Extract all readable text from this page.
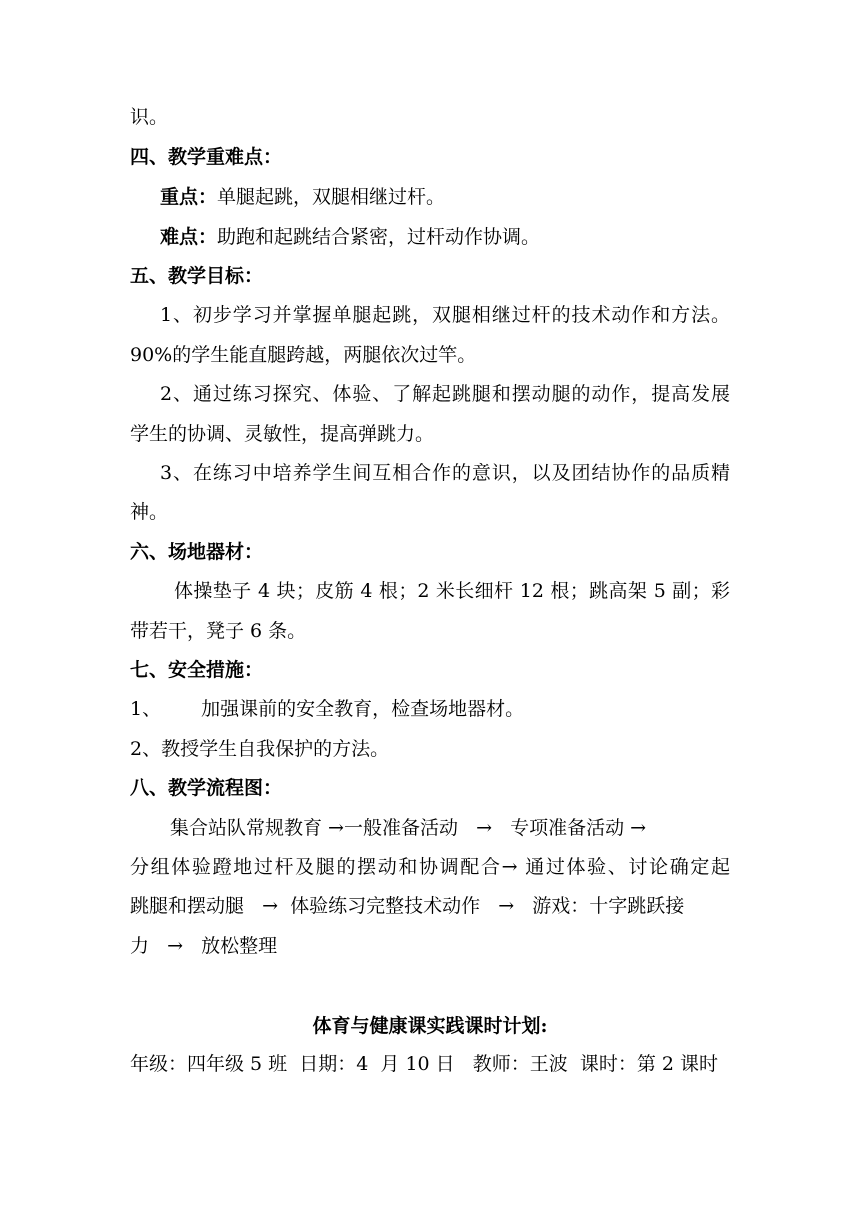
识。
四、教学重难点：
重点：单腿起跳，双腿相继过杆。
难点：助跑和起跳结合紧密，过杆动作协调。
五、教学目标：
1、初步学习并掌握单腿起跳，双腿相继过杆的技术动作和方法。
90%的学生能直腿跨越，两腿依次过竿。
2、通过练习探究、体验、了解起跳腿和摆动腿的动作，提高发展
学生的协调、灵敏性，提高弹跳力。
3、在练习中培养学生间互相合作的意识，以及团结协作的品质精
神。
六、场地器材：
体操垫子 4 块；皮筋 4 根；2 米长细杆 12 根；跳高架 5 副；彩
带若干，凳子 6 条。
七、安全措施：
1、 加强课前的安全教育，检查场地器材。
2、教授学生自我保护的方法。
八、教学流程图：
集合站队常规教育 →一般准备活动   →   专项准备活动 →
分组体验蹬地过杆及腿的摆动和协调配合→ 通过体验、讨论确定起
跳腿和摆动腿   →  体验练习完整技术动作   →   游戏：十字跳跃接
力   →   放松整理
体育与健康课实践课时计划:
年级：四年级 5 班  日期：4  月 10 日   教师：王波  课时：第 2 课时
